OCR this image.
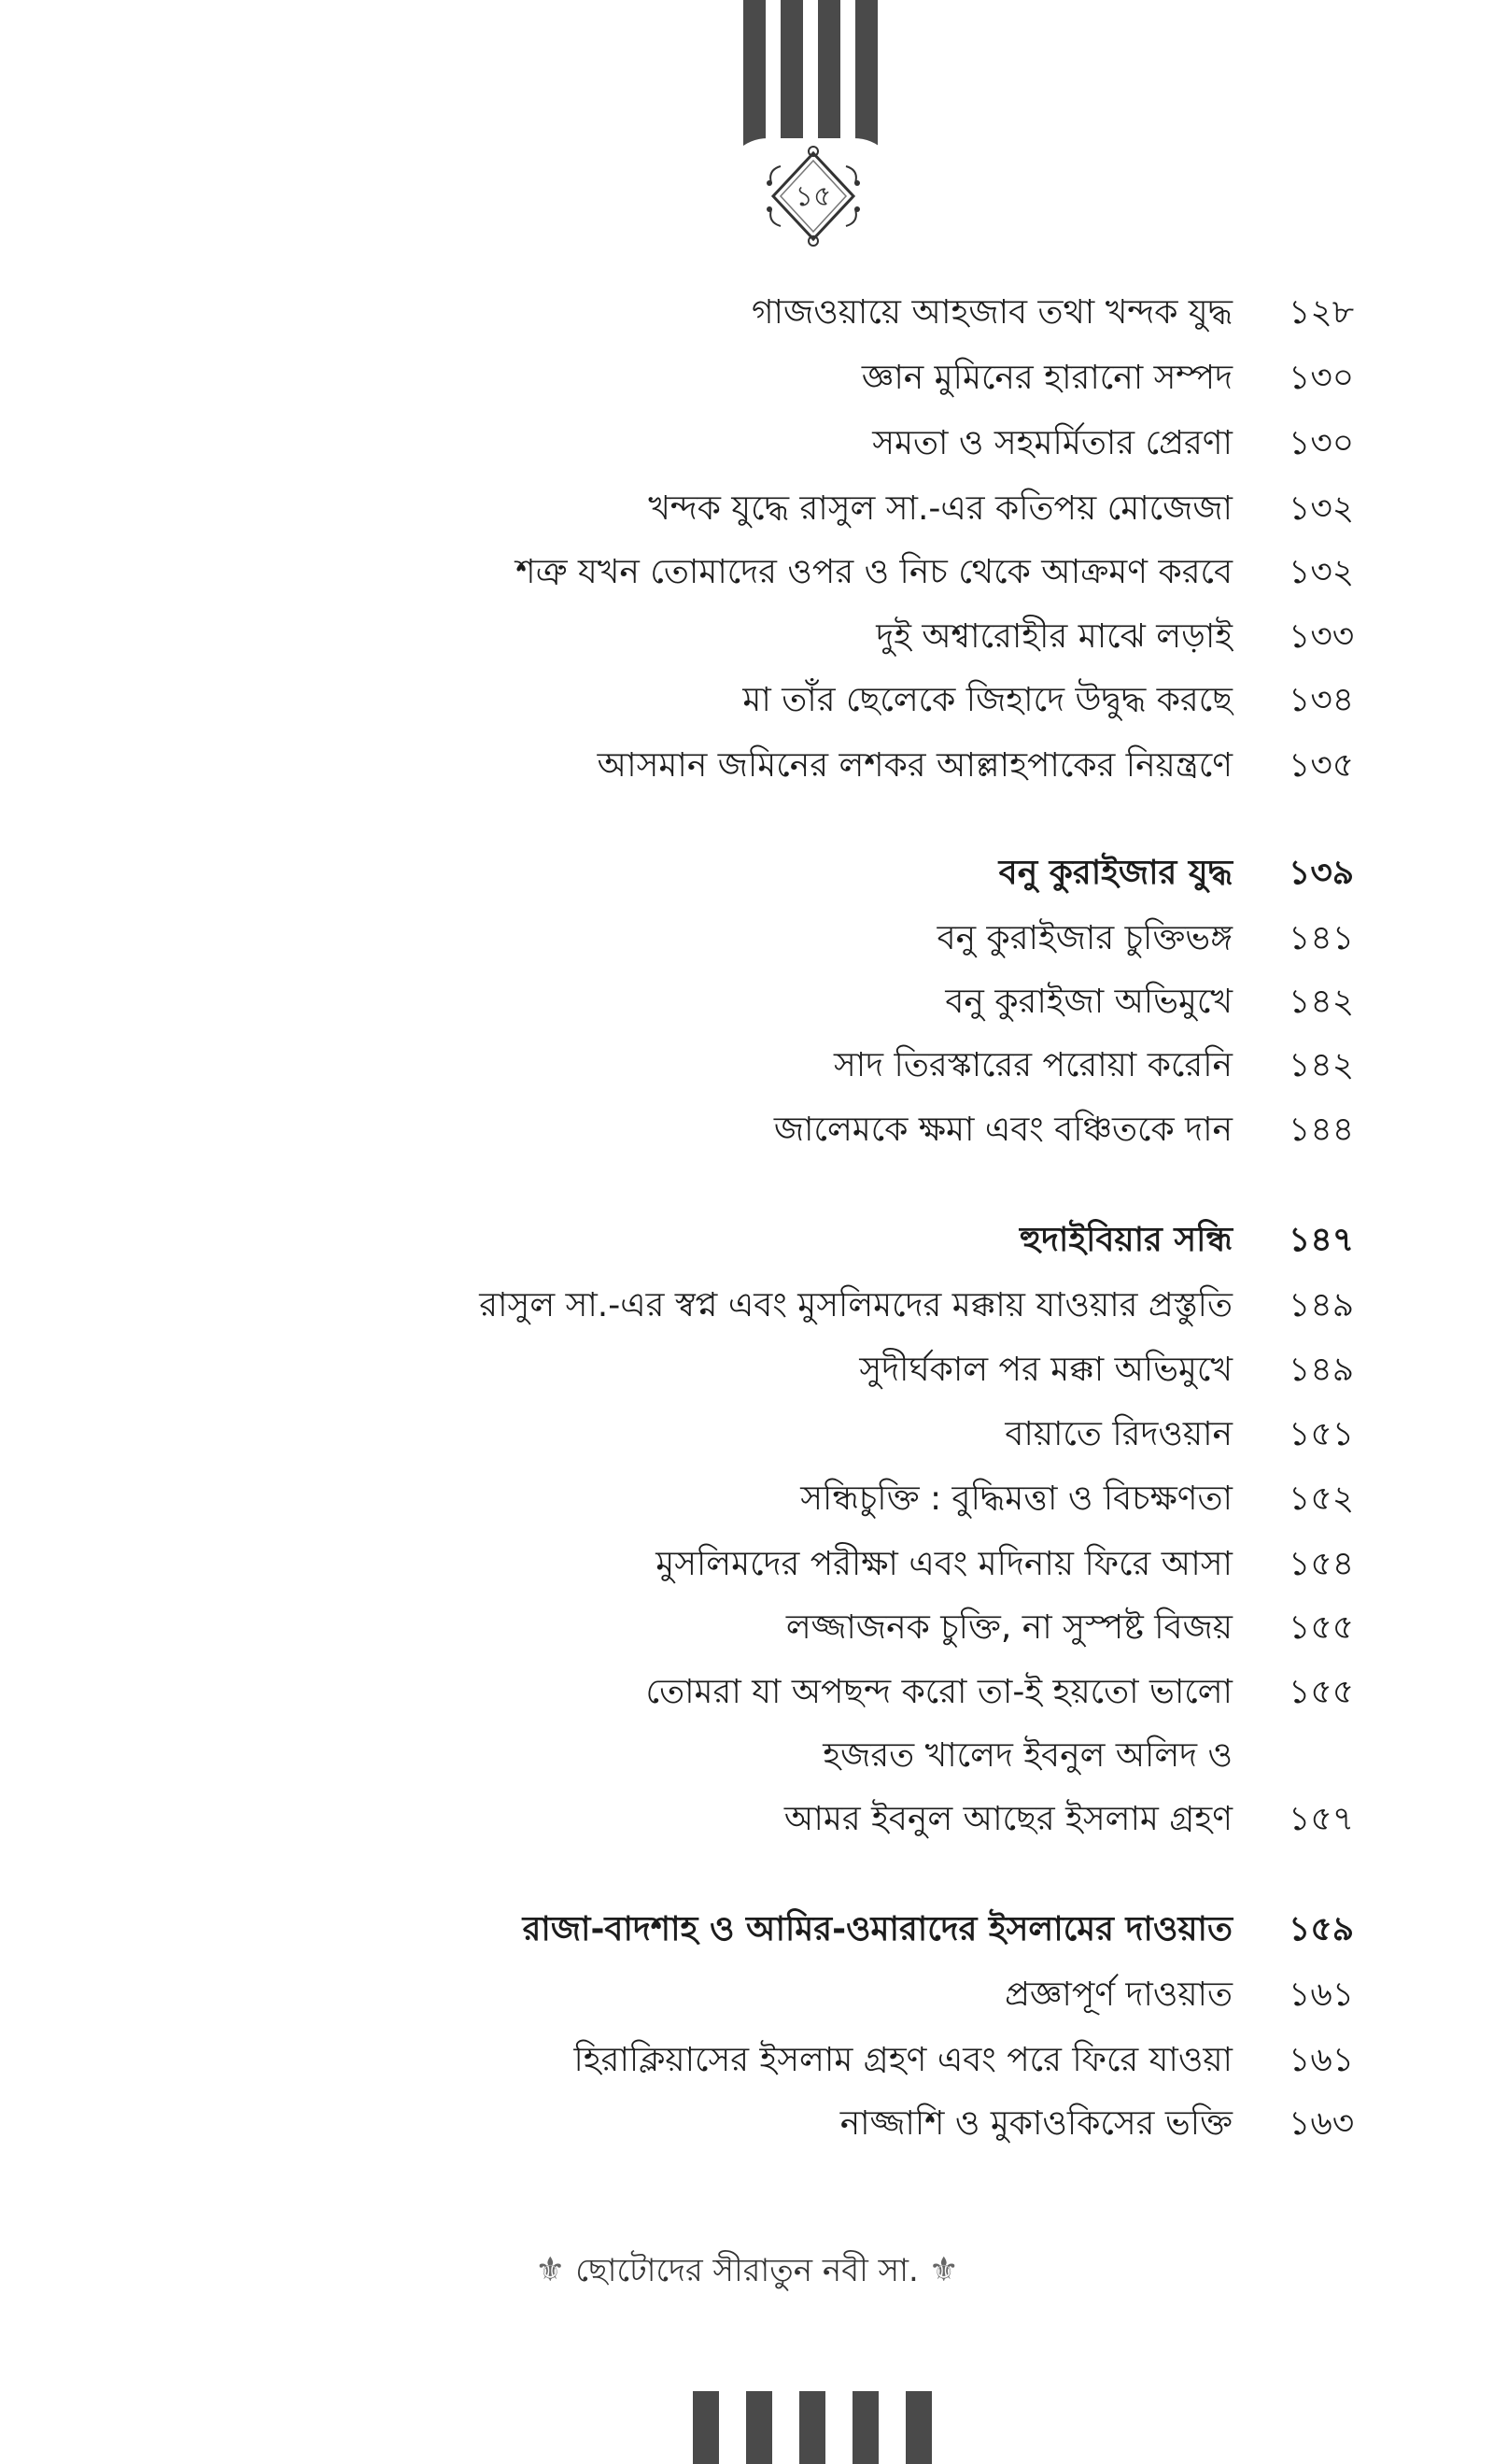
১৫
গাজওয়ায়ে আহজাব তথা খন্দক যুদ্ধ ১২৮
জ্ঞান মুমিনের হারানো সম্পদ ১৩০
সমতা ও সহমর্মিতার প্রেরণা ১৩০
খন্দক যুদ্ধে রাসুল সা.-এর কতিপয় মোজেজা ১৩২
শত্রু যখন তোমাদের ওপর ও নিচ থেকে আক্রমণ করবে ১৩২
দুই অশ্বারোহীর মাঝে লড়াই ১৩৩
মা তাঁর ছেলেকে জিহাদে উদ্বুদ্ধ করছে ১৩৪
আসমান জমিনের লশকর আল্লাহপাকের নিয়ন্ত্রণে ১৩৫
বনু কুরাইজার যুদ্ধ ১৩৯
বনু কুরাইজার চুক্তিভঙ্গ ১৪১
বনু কুরাইজা অভিমুখে ১৪২
সাদ তিরস্কারের পরোয়া করেনি ১৪২
জালেমকে ক্ষমা এবং বঞ্চিতকে দান ১৪৪
হুদাইবিয়ার সন্ধি ১৪৭
রাসুল সা.-এর স্বপ্ন এবং মুসলিমদের মক্কায় যাওয়ার প্রস্তুতি ১৪৯
সুদীর্ঘকাল পর মক্কা অভিমুখে ১৪৯
বায়াতে রিদওয়ান ১৫১
সন্ধিচুক্তি : বুদ্ধিমত্তা ও বিচক্ষণতা ১৫২
মুসলিমদের পরীক্ষা এবং মদিনায় ফিরে আসা ১৫৪
লজ্জাজনক চুক্তি, না সুস্পষ্ট বিজয় ১৫৫
তোমরা যা অপছন্দ করো তা-ই হয়তো ভালো ১৫৫
হজরত খালেদ ইবনুল অলিদ ও
আমর ইবনুল আছের ইসলাম গ্রহণ ১৫৭
রাজা-বাদশাহ ও আমির-ওমারাদের ইসলামের দাওয়াত ১৫৯
প্রজ্ঞাপূর্ণ দাওয়াত ১৬১
হিরাক্লিয়াসের ইসলাম গ্রহণ এবং পরে ফিরে যাওয়া ১৬১
নাজ্জাশি ও মুকাওকিসের ভক্তি ১৬৩
⚜ ছোটোদের সীরাতুন নবী সা. ⚜
